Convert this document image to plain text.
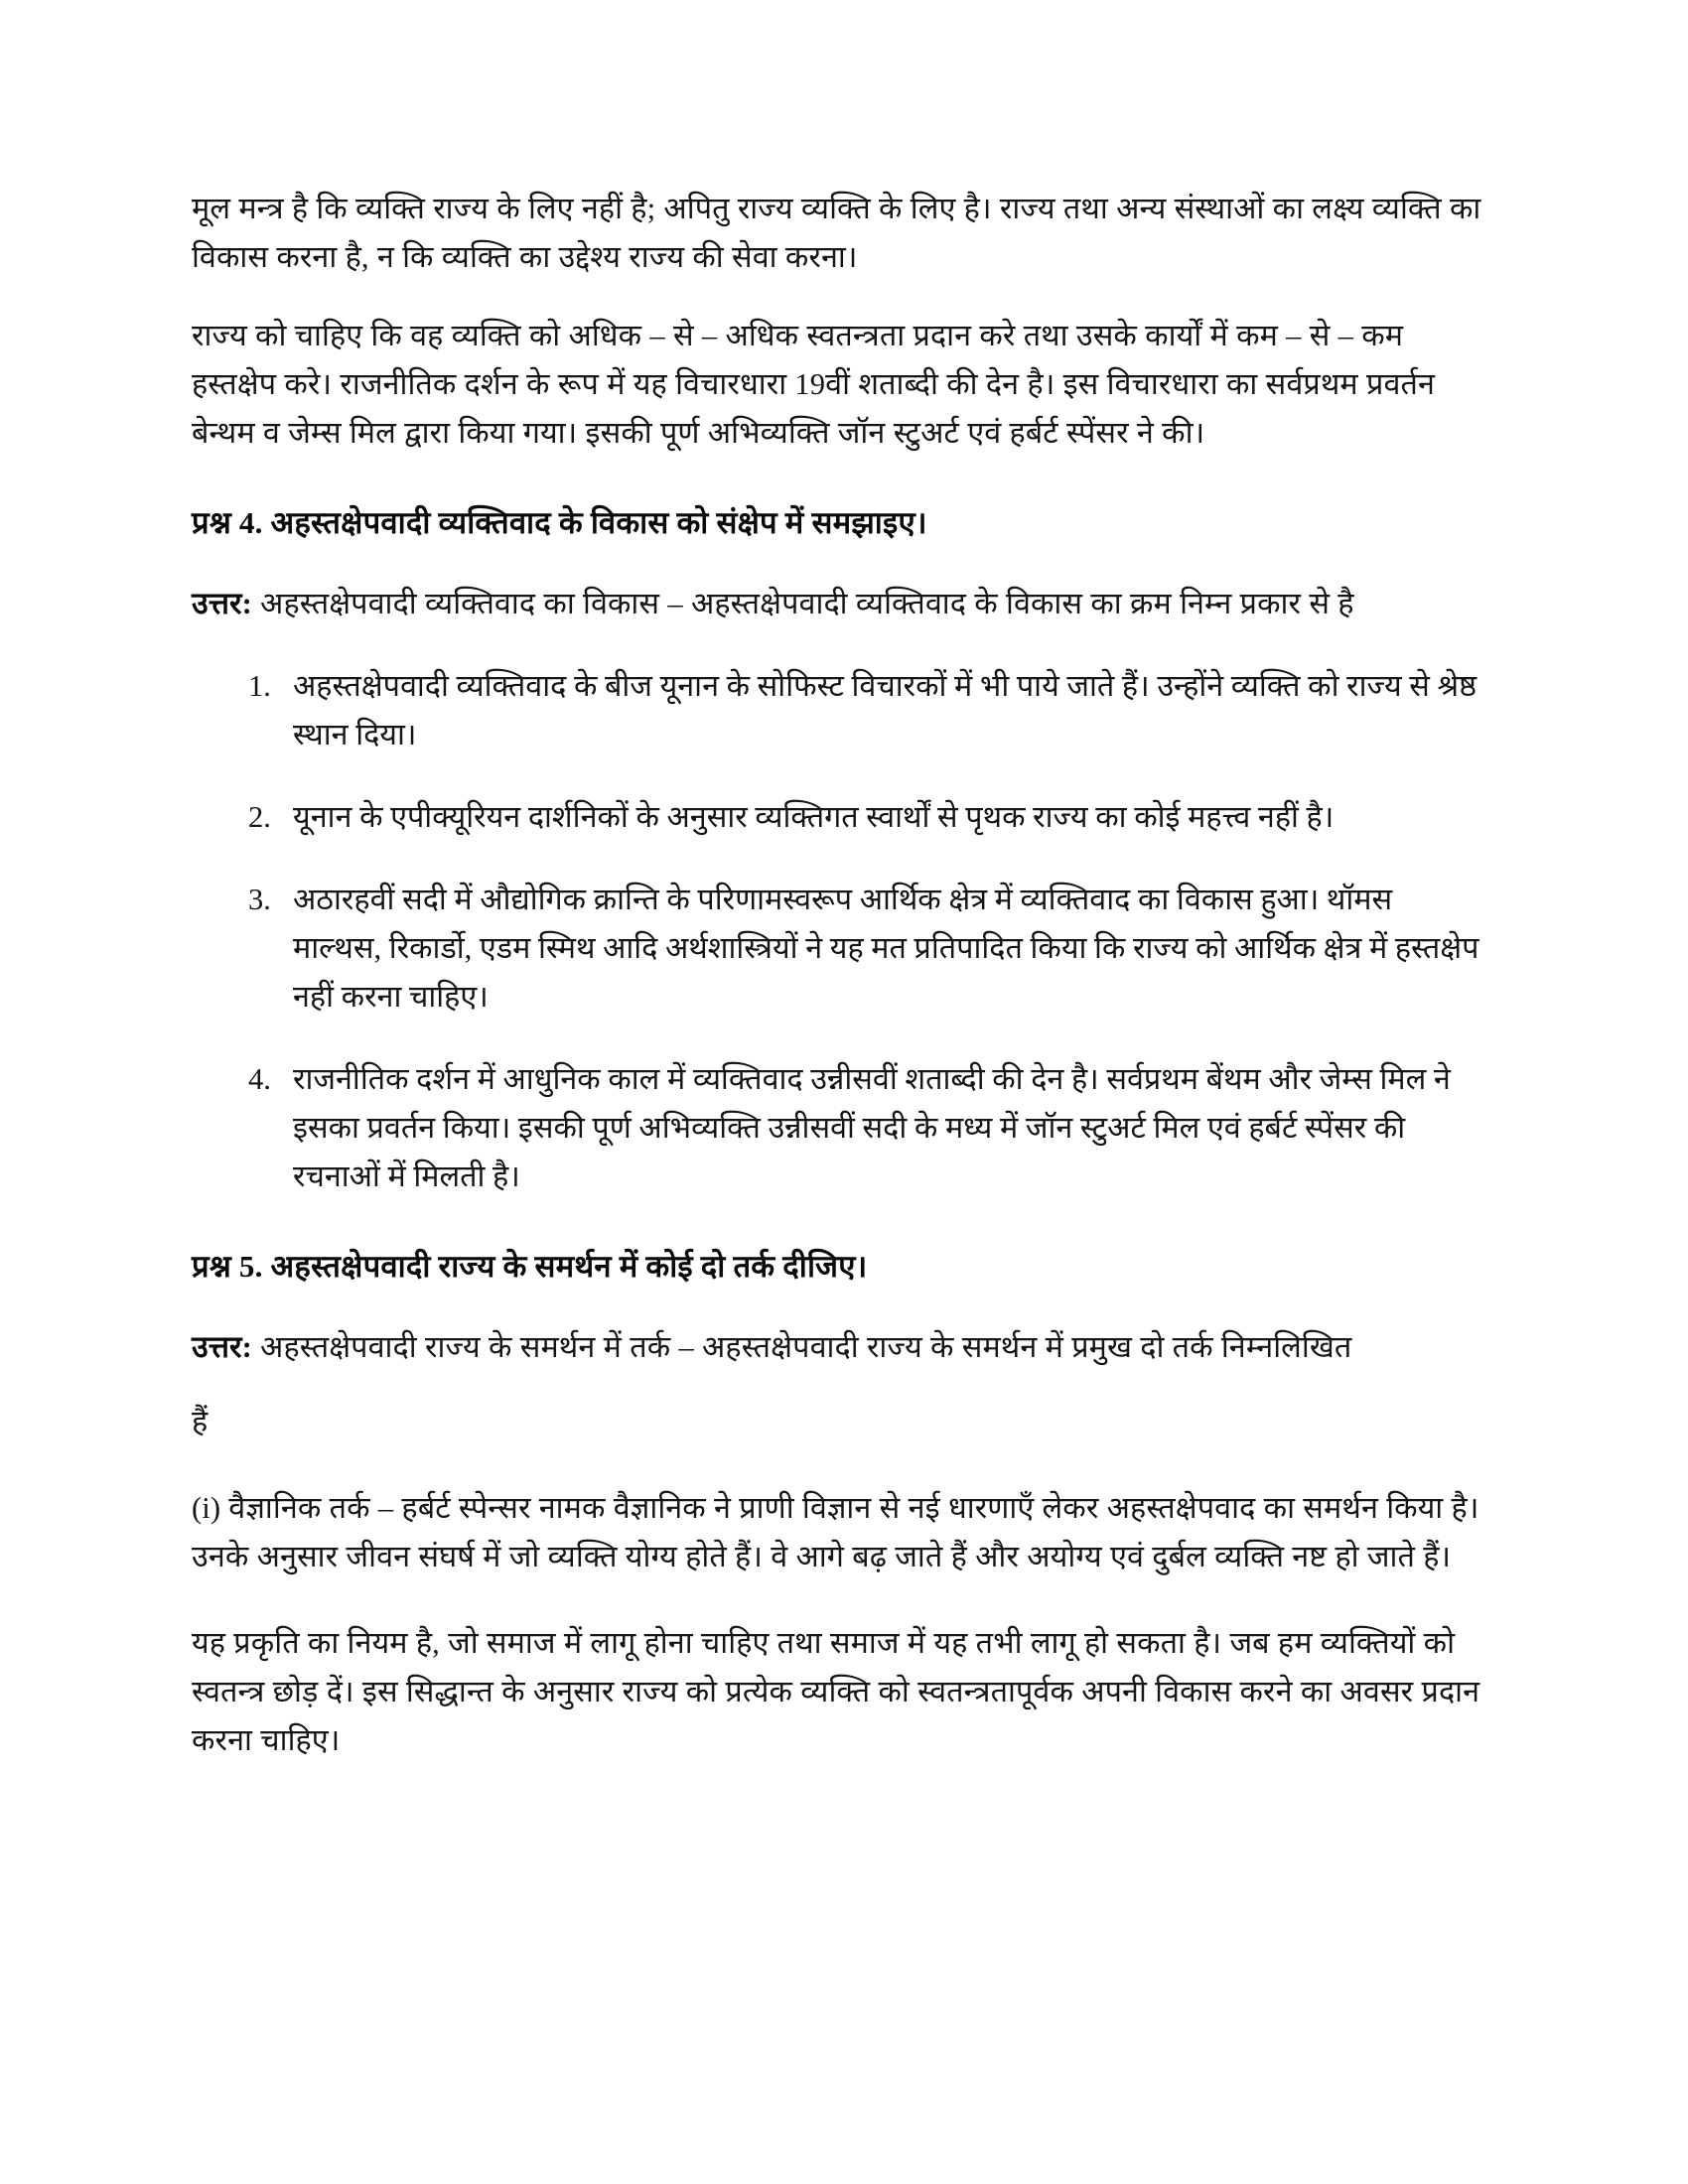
मूल मन्त्र है कि व्यक्ति राज्य के लिए नहीं है; अपितु राज्य व्यक्ति के लिए है। राज्य तथा अन्य संस्थाओं का लक्ष्य व्यक्ति का विकास करना है, न कि व्यक्ति का उद्देश्य राज्य की सेवा करना।

राज्य को चाहिए कि वह व्यक्ति को अधिक – से – अधिक स्वतन्त्रता प्रदान करे तथा उसके कार्यों में कम – से – कम हस्तक्षेप करे। राजनीतिक दर्शन के रूप में यह विचारधारा 19वीं शताब्दी की देन है। इस विचारधारा का सर्वप्रथम प्रवर्तन बेन्थम व जेम्स मिल द्वारा किया गया। इसकी पूर्ण अभिव्यक्ति जॉन स्टुअर्ट एवं हर्बर्ट स्पेंसर ने की।

प्रश्न 4. अहस्तक्षेपवादी व्यक्तिवाद के विकास को संक्षेप में समझाइए।

उत्तर: अहस्तक्षेपवादी व्यक्तिवाद का विकास – अहस्तक्षेपवादी व्यक्तिवाद के विकास का क्रम निम्न प्रकार से है

1. अहस्तक्षेपवादी व्यक्तिवाद के बीज यूनान के सोफिस्ट विचारकों में भी पाये जाते हैं। उन्होंने व्यक्ति को राज्य से श्रेष्ठ स्थान दिया।
2. यूनान के एपीक्यूरियन दार्शनिकों के अनुसार व्यक्तिगत स्वार्थों से पृथक राज्य का कोई महत्त्व नहीं है।
3. अठारहवीं सदी में औद्योगिक क्रान्ति के परिणामस्वरूप आर्थिक क्षेत्र में व्यक्तिवाद का विकास हुआ। थॉमस माल्थस, रिकार्डो, एडम स्मिथ आदि अर्थशास्त्रियों ने यह मत प्रतिपादित किया कि राज्य को आर्थिक क्षेत्र में हस्तक्षेप नहीं करना चाहिए।
4. राजनीतिक दर्शन में आधुनिक काल में व्यक्तिवाद उन्नीसवीं शताब्दी की देन है। सर्वप्रथम बेंथम और जेम्स मिल ने इसका प्रवर्तन किया। इसकी पूर्ण अभिव्यक्ति उन्नीसवीं सदी के मध्य में जॉन स्टुअर्ट मिल एवं हर्बर्ट स्पेंसर की रचनाओं में मिलती है।
प्रश्न 5. अहस्तक्षेपवादी राज्य के समर्थन में कोई दो तर्क दीजिए।

उत्तर: अहस्तक्षेपवादी राज्य के समर्थन में तर्क – अहस्तक्षेपवादी राज्य के समर्थन में प्रमुख दो तर्क निम्नलिखित

हैं

(i) वैज्ञानिक तर्क – हर्बर्ट स्पेन्सर नामक वैज्ञानिक ने प्राणी विज्ञान से नई धारणाएँ लेकर अहस्तक्षेपवाद का समर्थन किया है। उनके अनुसार जीवन संघर्ष में जो व्यक्ति योग्य होते हैं। वे आगे बढ़ जाते हैं और अयोग्य एवं दुर्बल व्यक्ति नष्ट हो जाते हैं।

यह प्रकृति का नियम है, जो समाज में लागू होना चाहिए तथा समाज में यह तभी लागू हो सकता है। जब हम व्यक्तियों को स्वतन्त्र छोड़ दें। इस सिद्धान्त के अनुसार राज्य को प्रत्येक व्यक्ति को स्वतन्त्रतापूर्वक अपनी विकास करने का अवसर प्रदान करना चाहिए।
